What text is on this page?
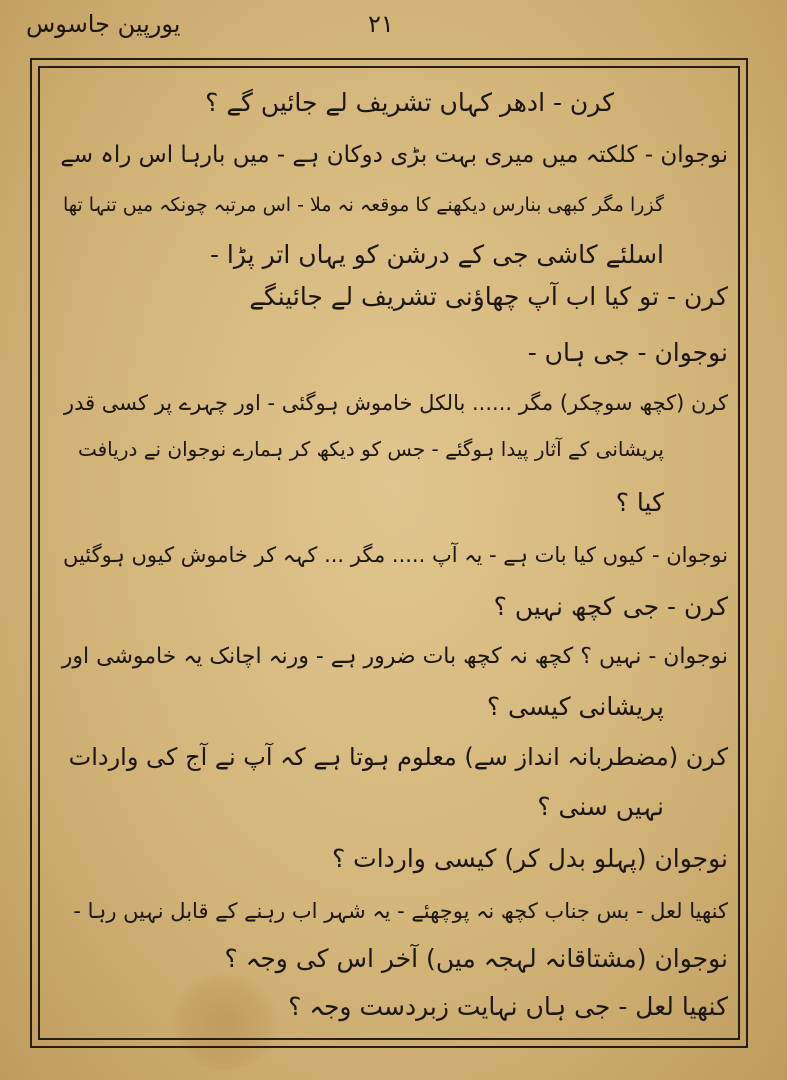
۲۱
یورپین جاسوس
کرن - ادھر کہاں تشریف لے جائیں گے ؟
نوجوان - کلکتہ میں میری بہت بڑی دوکان ہے - میں بارہا اس راہ سے
گزرا مگر کبھی بنارس دیکھنے کا موقعہ نہ ملا - اس مرتبہ چونکہ میں تنہا تھا
اسلئے کاشی جی کے درشن کو یہاں اتر پڑا -
کرن - تو کیا اب آپ چھاؤنی تشریف لے جائینگے
نوجوان - جی ہاں -
کرن (کچھ سوچکر) مگر ...... بالکل خاموش ہوگئی - اور چہرے پر کسی قدر
پریشانی کے آثار پیدا ہوگئے - جس کو دیکھ کر ہمارے نوجوان نے دریافت
کیا ؟
نوجوان - کیوں کیا بات ہے - یہ آپ ..... مگر ... کہہ کر خاموش کیوں ہوگئیں
کرن - جی کچھ نہیں ؟
نوجوان - نہیں ؟ کچھ نہ کچھ بات ضرور ہے - ورنہ اچانک یہ خاموشی اور
پریشانی کیسی ؟
کرن (مضطربانہ انداز سے) معلوم ہوتا ہے کہ آپ نے آج کی واردات
نہیں سنی ؟
نوجوان (پہلو بدل کر) کیسی واردات ؟
کنھیا لعل - بس جناب کچھ نہ پوچھئے - یہ شہر اب رہنے کے قابل نہیں رہا -
نوجوان (مشتاقانہ لہجہ میں) آخر اس کی وجہ ؟
کنھیا لعل - جی ہاں نہایت زبردست وجہ ؟
